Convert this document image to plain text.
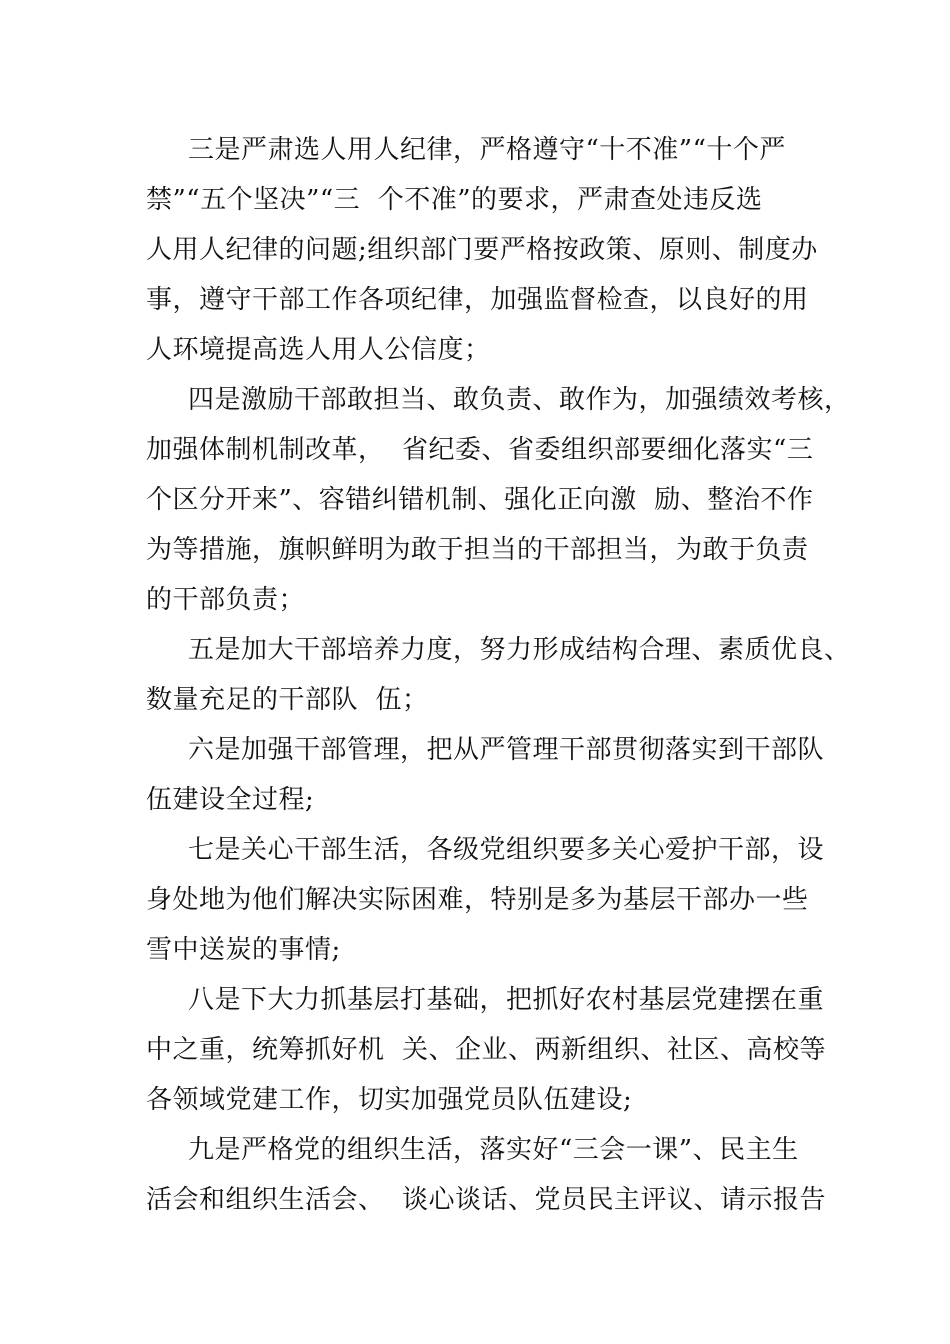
三是严肃选人用人纪律，严格遵守“十不准”“十个严
禁”“五个坚决”“三  个不准”的要求，严肃查处违反选
人用人纪律的问题;组织部门要严格按政策、原则、制度办
事，遵守干部工作各项纪律，加强监督检查，以良好的用
人环境提高选人用人公信度；
四是激励干部敢担当、敢负责、敢作为，加强绩效考核，
加强体制机制改革，  省纪委、省委组织部要细化落实“三
个区分开来”、容错纠错机制、强化正向激  励、整治不作
为等措施，旗帜鲜明为敢于担当的干部担当，为敢于负责
的干部负责；
五是加大干部培养力度，努力形成结构合理、素质优良、
数量充足的干部队  伍；
六是加强干部管理，把从严管理干部贯彻落实到干部队
伍建设全过程;
七是关心干部生活，各级党组织要多关心爱护干部，设
身处地为他们解决实际困难，特别是多为基层干部办一些
雪中送炭的事情;
八是下大力抓基层打基础，把抓好农村基层党建摆在重
中之重，统筹抓好机  关、企业、两新组织、社区、高校等
各领域党建工作，切实加强党员队伍建设;
九是严格党的组织生活，落实好“三会一课”、民主生
活会和组织生活会、  谈心谈话、党员民主评议、请示报告
